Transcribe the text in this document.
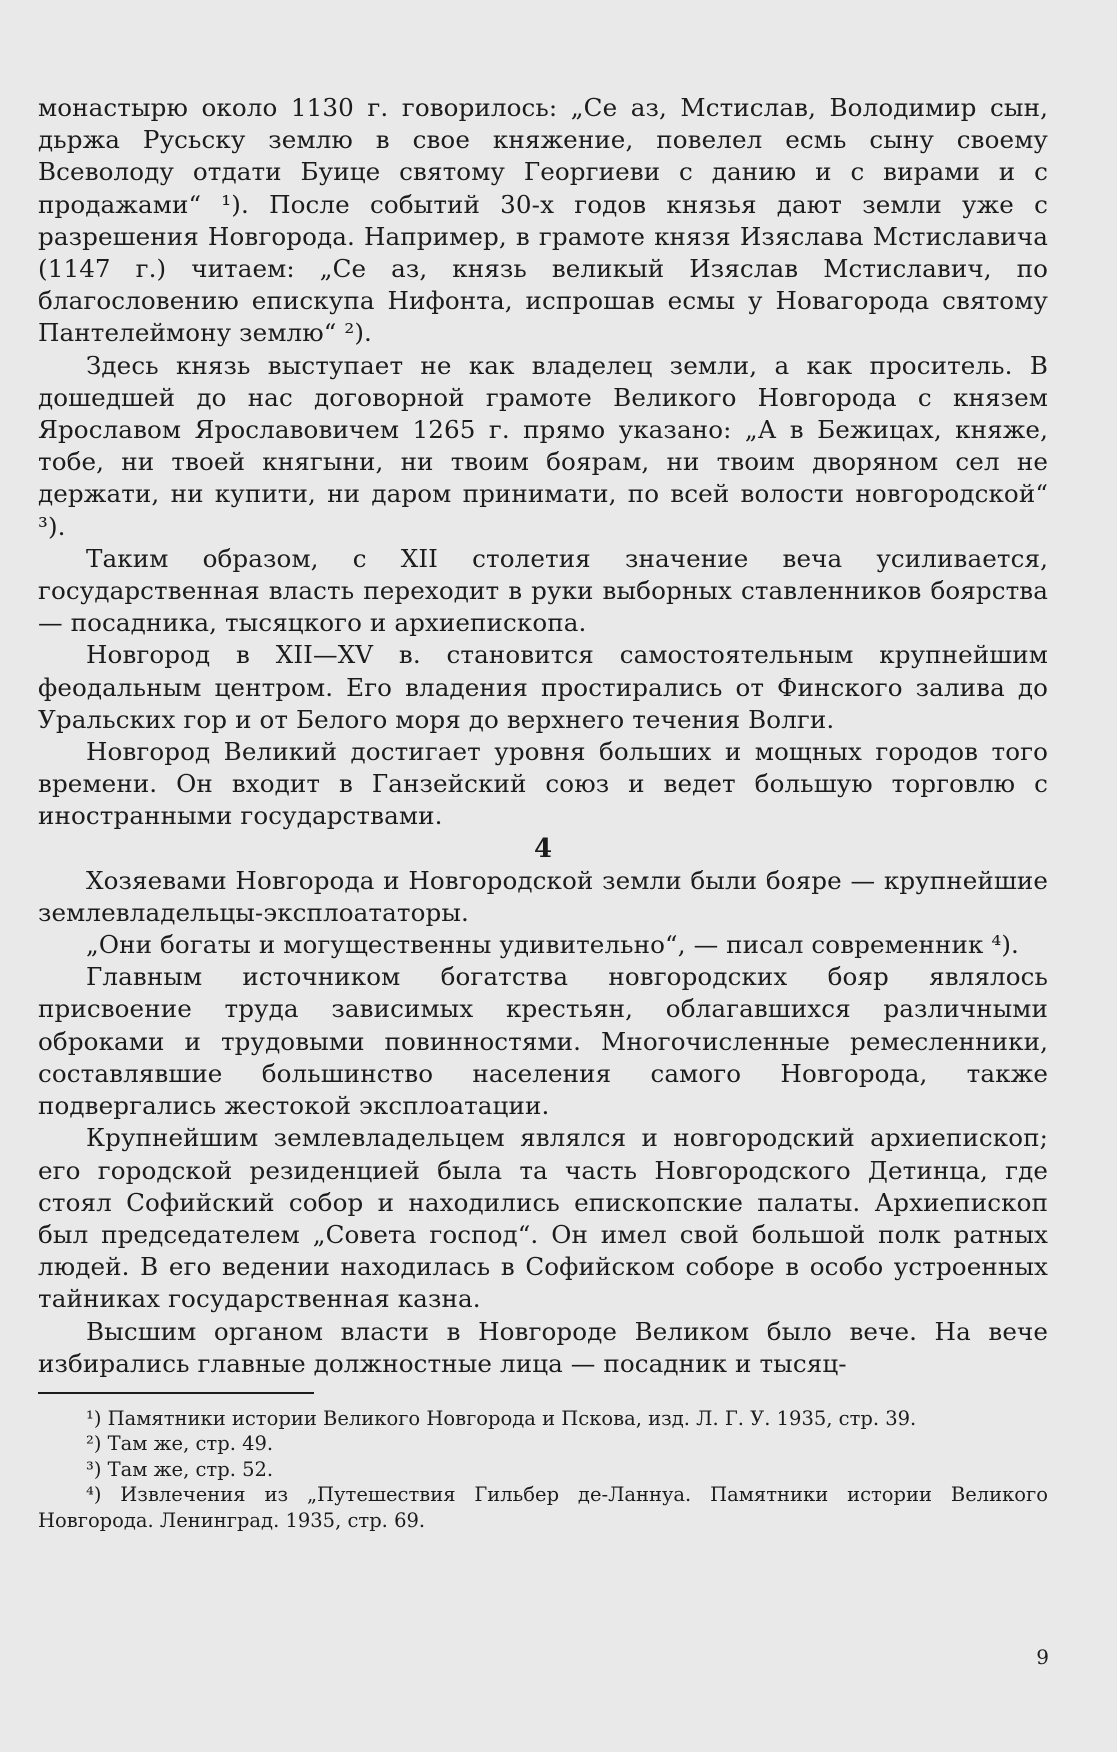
монастырю около 1130 г. говорилось: „Се аз, Мстислав, Володимир сын, дьржа Русьску землю в свое княжение, повелел есмь сыну своему Всеволоду отдати Буице святому Георгиеви с данию и с вирами и с продажами“ ¹). После событий 30-х годов князья дают земли уже с разрешения Новгорода. Например, в грамоте князя Изяслава Мстиславича (1147 г.) читаем: „Се аз, князь великый Изяслав Мстиславич, по благословению епискупа Нифонта, испрошав есмы у Новагорода святому Пантелеймону землю“ ²).

Здесь князь выступает не как владелец земли, а как проситель. В дошедшей до нас договорной грамоте Великого Новгорода с князем Ярославом Ярославовичем 1265 г. прямо указано: „А в Бежицах, княже, тобе, ни твоей княгыни, ни твоим боярам, ни твоим дворяном сел не держати, ни купити, ни даром принимати, по всей волости новгородской“ ³).

Таким образом, с XII столетия значение веча усиливается, государственная власть переходит в руки выборных ставленников боярства — посадника, тысяцкого и архиепископа.

Новгород в XII—XV в. становится самостоятельным крупнейшим феодальным центром. Его владения простирались от Финского залива до Уральских гор и от Белого моря до верхнего течения Волги.

Новгород Великий достигает уровня больших и мощных городов того времени. Он входит в Ганзейский союз и ведет большую торговлю с иностранными государствами.

4

Хозяевами Новгорода и Новгородской земли были бояре — крупнейшие землевладельцы-эксплоататоры.

„Они богаты и могущественны удивительно“, — писал современник ⁴).

Главным источником богатства новгородских бояр являлось присвоение труда зависимых крестьян, облагавшихся различными оброками и трудовыми повинностями. Многочисленные ремесленники, составлявшие большинство населения самого Новгорода, также подвергались жестокой эксплоатации.

Крупнейшим землевладельцем являлся и новгородский архиепископ; его городской резиденцией была та часть Новгородского Детинца, где стоял Софийский собор и находились епископские палаты. Архиепископ был председателем „Совета господ“. Он имел свой большой полк ратных людей. В его ведении находилась в Софийском соборе в особо устроенных тайниках государственная казна.

Высшим органом власти в Новгороде Великом было вече. На вече избирались главные должностные лица — посадник и тысяц-

¹) Памятники истории Великого Новгорода и Пскова, изд. Л. Г. У. 1935, стр. 39.

²) Там же, стр. 49.

³) Там же, стр. 52.

⁴) Извлечения из „Путешествия Гильбер де-Ланнуа. Памятники истории Великого Новгорода. Ленинград. 1935, стр. 69.

9
